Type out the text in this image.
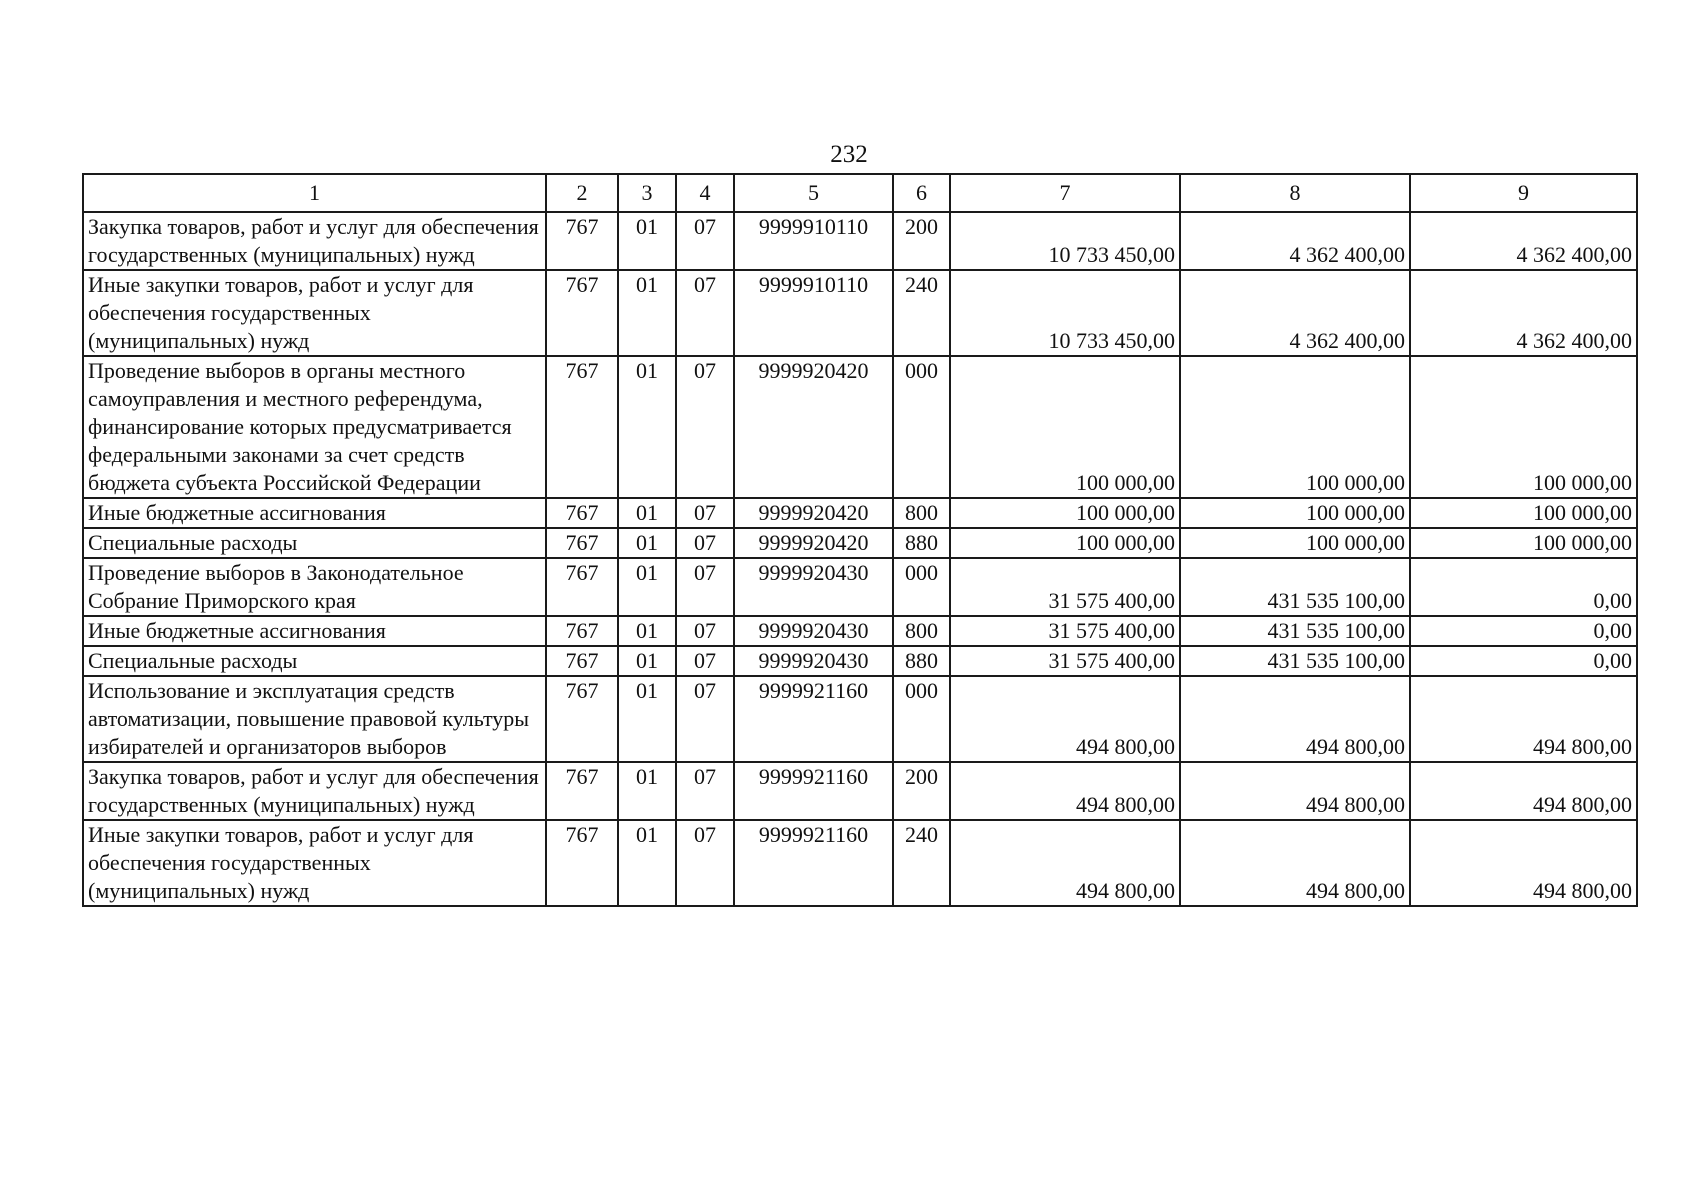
232
1	2	3	4	5	6	7	8	9
Закупка товаров, работ и услуг для обеспечения государственных (муниципальных) нужд	767	01	07	9999910110	200	10 733 450,00	4 362 400,00	4 362 400,00
Иные закупки товаров, работ и услуг для обеспечения государственных (муниципальных) нужд	767	01	07	9999910110	240	10 733 450,00	4 362 400,00	4 362 400,00
Проведение выборов в органы местного самоуправления и местного референдума, финансирование которых предусматривается федеральными законами за счет средств бюджета субъекта Российской Федерации	767	01	07	9999920420	000	100 000,00	100 000,00	100 000,00
Иные бюджетные ассигнования	767	01	07	9999920420	800	100 000,00	100 000,00	100 000,00
Специальные расходы	767	01	07	9999920420	880	100 000,00	100 000,00	100 000,00
Проведение выборов в Законодательное Собрание Приморского края	767	01	07	9999920430	000	31 575 400,00	431 535 100,00	0,00
Иные бюджетные ассигнования	767	01	07	9999920430	800	31 575 400,00	431 535 100,00	0,00
Специальные расходы	767	01	07	9999920430	880	31 575 400,00	431 535 100,00	0,00
Использование и эксплуатация средств автоматизации, повышение правовой культуры избирателей и организаторов выборов	767	01	07	9999921160	000	494 800,00	494 800,00	494 800,00
Закупка товаров, работ и услуг для обеспечения государственных (муниципальных) нужд	767	01	07	9999921160	200	494 800,00	494 800,00	494 800,00
Иные закупки товаров, работ и услуг для обеспечения государственных (муниципальных) нужд	767	01	07	9999921160	240	494 800,00	494 800,00	494 800,00
